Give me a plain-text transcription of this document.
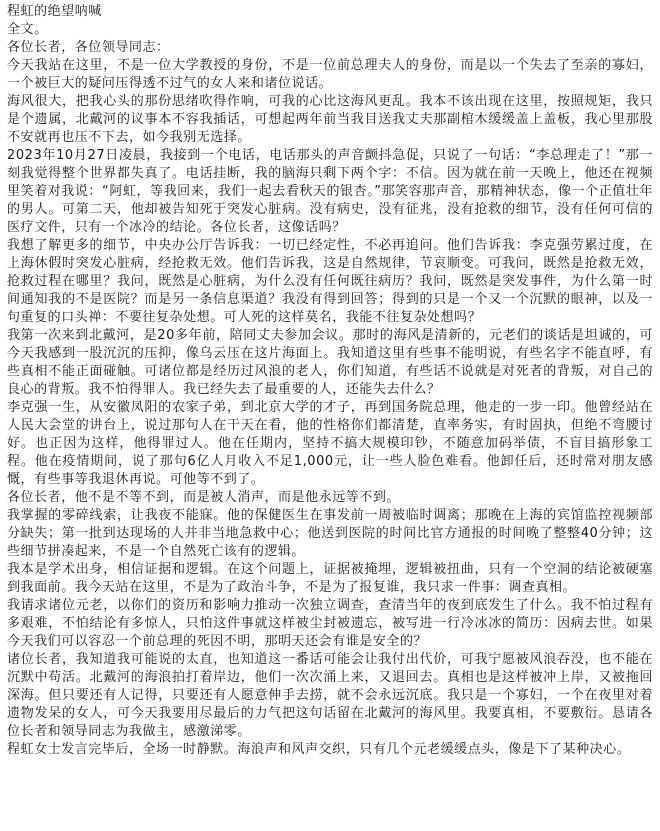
程虹的绝望呐喊

全文。

各位长者，各位领导同志：

今天我站在这里，不是一位大学教授的身份，不是一位前总理夫人的身份，而是以一个失去了至亲的寡妇，一个被巨大的疑问压得透不过气的女人来和诸位说话。

海风很大，把我心头的那份思绪吹得作响，可我的心比这海风更乱。我本不该出现在这里，按照规矩，我只是个遗属，北戴河的议事本不容我插话，可想起两年前当我目送我丈夫那副棺木缓缓盖上盖板，我心里那股不安就再也压不下去，如今我别无选择。

2023年10月27日凌晨，我接到一个电话，电话那头的声音颤抖急促，只说了一句话：“李总理走了！”那一刻我觉得整个世界都失真了。电话挂断，我的脑海只剩下两个字：不信。因为就在前一天晚上，他还在视频里笑着对我说：“阿虹，等我回来，我们一起去看秋天的银杏。”那笑容那声音，那精神状态，像一个正值壮年的男人。可第二天，他却被告知死于突发心脏病。没有病史，没有征兆，没有抢救的细节，没有任何可信的医疗文件，只有一个冰冷的结论。各位长者，这像话吗？

我想了解更多的细节，中央办公厅告诉我：一切已经定性，不必再追问。他们告诉我：李克强劳累过度，在上海休假时突发心脏病，经抢救无效。他们告诉我，这是自然规律，节哀顺变。可我问，既然是抢救无效，抢救过程在哪里？我问，既然是心脏病，为什么没有任何既往病历？我问，既然是突发事件，为什么第一时间通知我的不是医院？而是另一条信息渠道？我没有得到回答；得到的只是一个又一个沉默的眼神，以及一句重复的口头禅：不要往复杂处想。可人死的这样莫名，我能不往复杂处想吗？

我第一次来到北戴河，是20多年前，陪同丈夫参加会议。那时的海风是清新的，元老们的谈话是坦诚的，可今天我感到一股沉沉的压抑，像乌云压在这片海面上。我知道这里有些事不能明说，有些名字不能直呼，有些真相不能正面碰触。可诸位都是经历过风浪的老人，你们知道，有些话不说就是对死者的背叛，对自己的良心的背叛。我不怕得罪人。我已经失去了最重要的人，还能失去什么？

李克强一生，从安徽凤阳的农家子弟，到北京大学的才子，再到国务院总理，他走的一步一印。他曾经站在人民大会堂的讲台上，说过那句人在干天在看，他的性格你们都清楚，直率务实，有时固执，但绝不弯腰讨好。也正因为这样，他得罪过人。他在任期内，坚持不搞大规模印钞，不随意加码举债，不盲目搞形象工程。他在疫情期间，说了那句6亿人月收入不足1,000元，让一些人脸色难看。他卸任后，还时常对朋友感慨，有些事等我退休再说。可他等不到了。

各位长者，他不是不等不到，而是被人消声，而是他永远等不到。

我掌握的零碎线索，让我夜不能寐。他的保健医生在事发前一周被临时调离；那晚在上海的宾馆监控视频部分缺失；第一批到达现场的人并非当地急救中心；他送到医院的时间比官方通报的时间晚了整整40分钟；这些细节拼凑起来，不是一个自然死亡该有的逻辑。

我本是学术出身，相信证据和逻辑。在这个问题上，证据被掩埋，逻辑被扭曲，只有一个空洞的结论被硬塞到我面前。我今天站在这里，不是为了政治斗争，不是为了报复谁，我只求一件事：调查真相。

我请求诸位元老，以你们的资历和影响力推动一次独立调查，查清当年的夜到底发生了什么。我不怕过程有多艰难，不怕结论有多惊人，只怕这件事就这样被尘封被遗忘，被写进一行冷冰冰的简历：因病去世。如果今天我们可以容忍一个前总理的死因不明，那明天还会有谁是安全的？

诸位长者，我知道我可能说的太直，也知道这一番话可能会让我付出代价，可我宁愿被风浪吞没，也不能在沉默中苟活。北戴河的海浪拍打着岸边，他们一次次涌上来，又退回去。真相也是这样被冲上岸，又被拖回深海。但只要还有人记得，只要还有人愿意伸手去捞，就不会永远沉底。我只是一个寡妇，一个在夜里对着遗物发呆的女人，可今天我要用尽最后的力气把这句话留在北戴河的海风里。我要真相，不要敷衍。恳请各位长者和领导同志为我做主，感激涕零。

程虹女士发言完毕后，全场一时静默。海浪声和风声交织，只有几个元老缓缓点头，像是下了某种决心。
